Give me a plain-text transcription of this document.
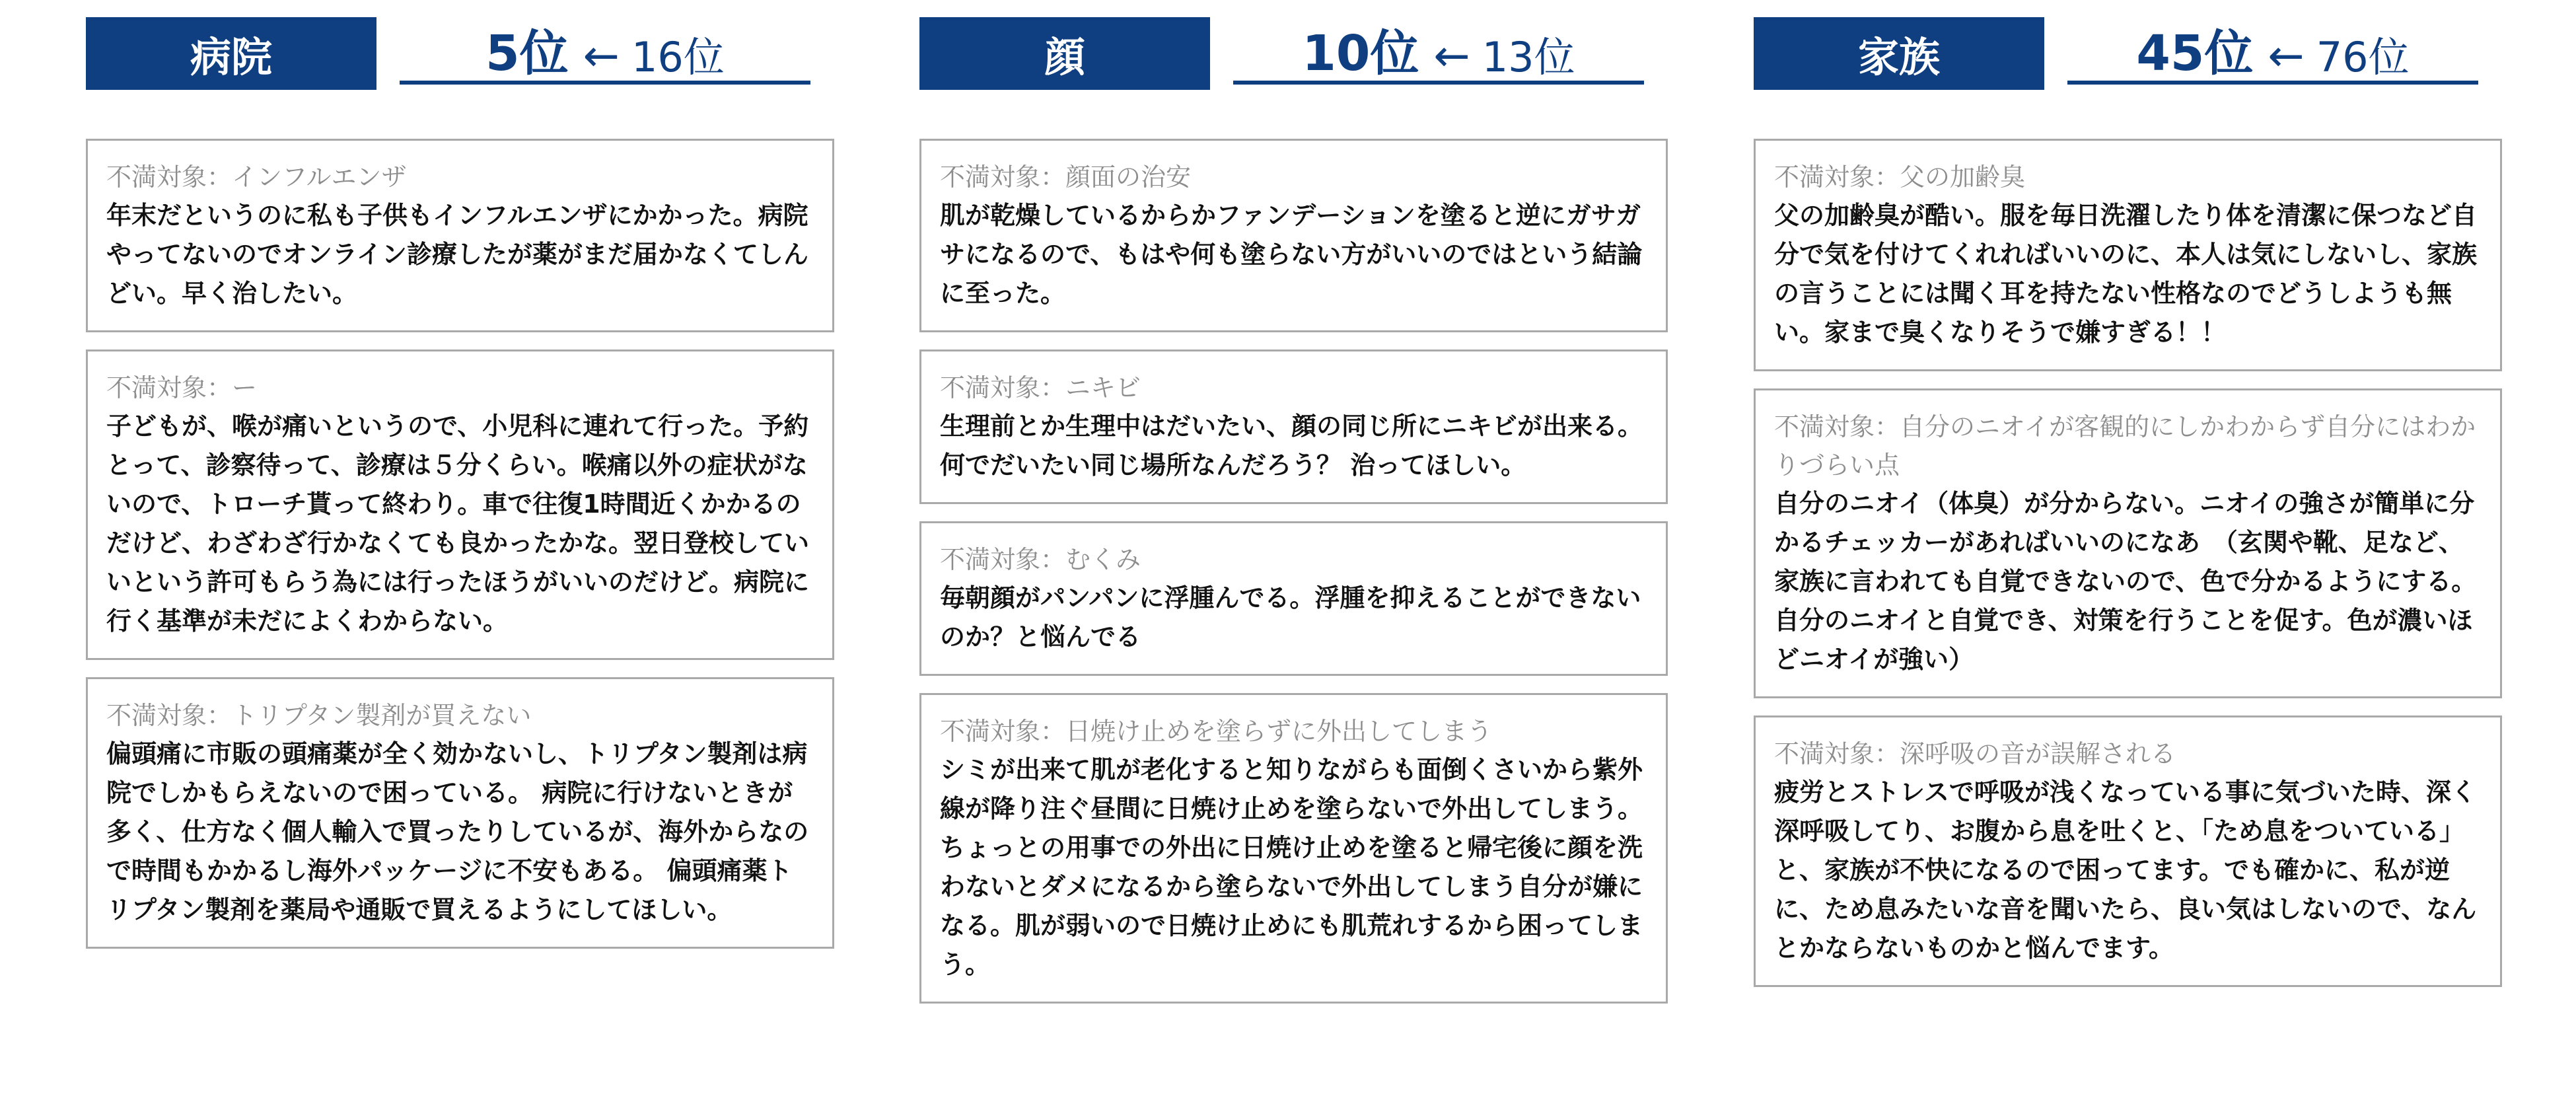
病院	5位 ← 16位
不満対象：インフルエンザ
年末だというのに私も子供もインフルエンザにかかった。病院やってないのでオンライン診療したが薬がまだ届かなくてしんどい。早く治したい。
不満対象：ー
子どもが、喉が痛いというので、小児科に連れて行った。予約とって、診察待って、診療は５分くらい。喉痛以外の症状がないので、トローチ貰って終わり。車で往復1時間近くかかるのだけど、わざわざ行かなくても良かったかな。翌日登校していいという許可もらう為には行ったほうがいいのだけど。病院に行く基準が未だによくわからない。
不満対象：トリプタン製剤が買えない
偏頭痛に市販の頭痛薬が全く効かないし、トリプタン製剤は病院でしかもらえないので困っている。 病院に行けないときが多く、仕方なく個人輸入で買ったりしているが、海外からなので時間もかかるし海外パッケージに不安もある。 偏頭痛薬トリプタン製剤を薬局や通販で買えるようにしてほしい。
顔	10位 ← 13位
不満対象：顔面の治安
肌が乾燥しているからかファンデーションを塗ると逆にガサガサになるので、もはや何も塗らない方がいいのではという結論に至った。
不満対象：ニキビ
生理前とか生理中はだいたい、顔の同じ所にニキビが出来る。 何でだいたい同じ場所なんだろう？ 治ってほしい。
不満対象：むくみ
毎朝顔がパンパンに浮腫んでる。浮腫を抑えることができないのか？と悩んでる
不満対象：日焼け止めを塗らずに外出してしまう
シミが出来て肌が老化すると知りながらも面倒くさいから紫外線が降り注ぐ昼間に日焼け止めを塗らないで外出してしまう。ちょっとの用事での外出に日焼け止めを塗ると帰宅後に顔を洗わないとダメになるから塗らないで外出してしまう自分が嫌になる。肌が弱いので日焼け止めにも肌荒れするから困ってしまう。
家族	45位 ← 76位
不満対象：父の加齢臭
父の加齢臭が酷い。服を毎日洗濯したり体を清潔に保つなど自分で気を付けてくれればいいのに、本人は気にしないし、家族の言うことには聞く耳を持たない性格なのでどうしようも無い。家まで臭くなりそうで嫌すぎる！！
不満対象：自分のニオイが客観的にしかわからず自分にはわかりづらい点
自分のニオイ（体臭）が分からない。ニオイの強さが簡単に分かるチェッカーがあればいいのになあ　（玄関や靴、足など、家族に言われても自覚できないので、色で分かるようにする。　　自分のニオイと自覚でき、対策を行うことを促す。色が濃いほどニオイが強い）
不満対象：深呼吸の音が誤解される
疲労とストレスで呼吸が浅くなっている事に気づいた時、深く深呼吸してり、お腹から息を吐くと、「ため息をついている」と、家族が不快になるので困ってます。でも確かに、私が逆に、ため息みたいな音を聞いたら、良い気はしないので、なんとかならないものかと悩んでます。
